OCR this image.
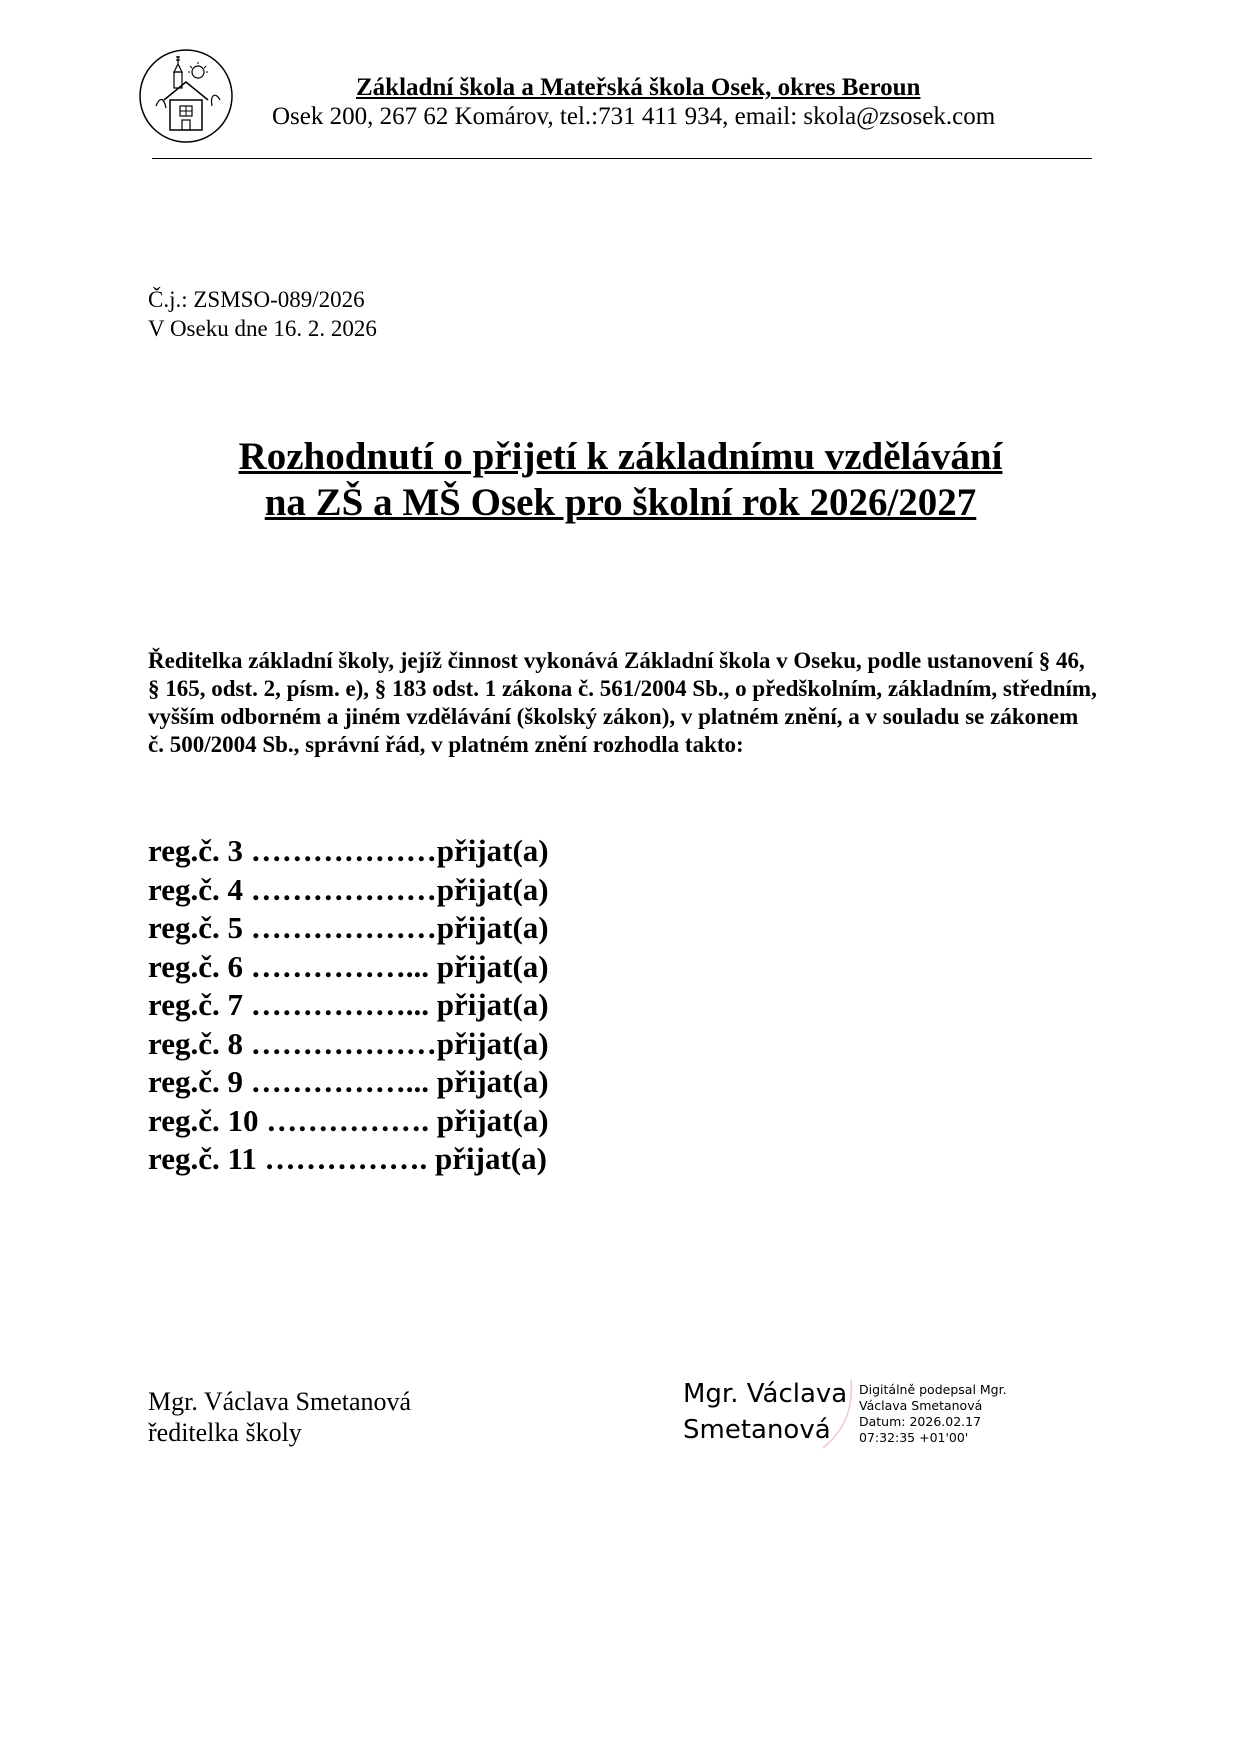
Základní škola a Mateřská škola Osek, okres Beroun
Osek 200, 267 62 Komárov, tel.:731 411 934, email: skola@zsosek.com
Č.j.: ZSMSO-089/2026
V Oseku dne 16. 2. 2026
Rozhodnutí o přijetí k základnímu vzdělávání
na ZŠ a MŠ Osek pro školní rok 2026/2027
Ředitelka základní školy, jejíž činnost vykonává Základní škola v Oseku, podle ustanovení § 46, § 165, odst. 2, písm. e), § 183 odst. 1 zákona č. 561/2004 Sb., o předškolním, základním, středním, vyšším odborném a jiném vzdělávání (školský zákon), v platném znění, a v souladu se zákonem č. 500/2004 Sb., správní řád, v platném znění rozhodla takto:
reg.č. 3 ………………přijat(a)
reg.č. 4 ………………přijat(a)
reg.č. 5 ………………přijat(a)
reg.č. 6 ……………... přijat(a)
reg.č. 7 ……………... přijat(a)
reg.č. 8 ………………přijat(a)
reg.č. 9 ……………... přijat(a)
reg.č. 10 ……………. přijat(a)
reg.č. 11 ……………. přijat(a)
Mgr. Václava Smetanová
ředitelka školy
Mgr. Václava
Smetanová
Digitálně podepsal Mgr.
Václava Smetanová
Datum: 2026.02.17
07:32:35 +01'00'
